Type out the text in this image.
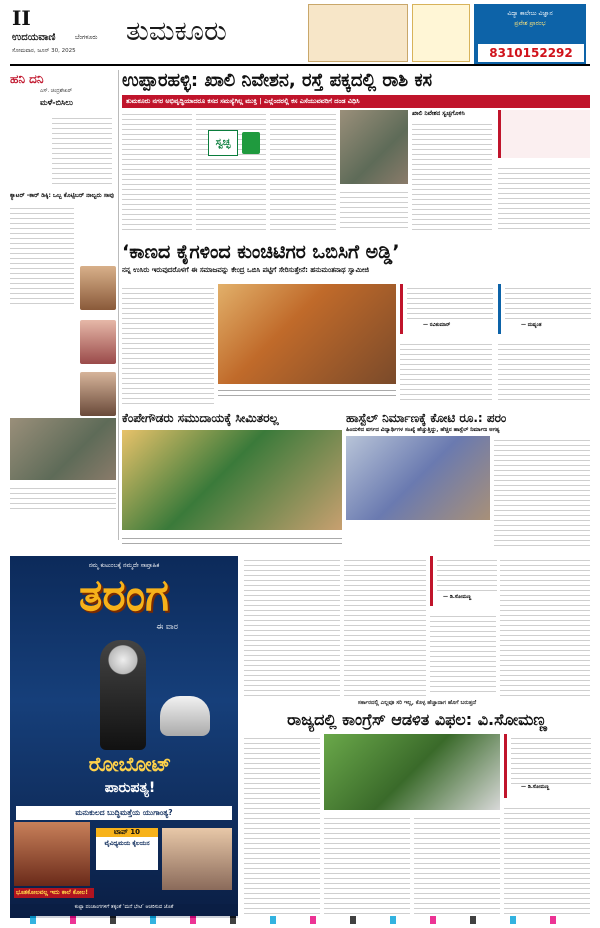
II
ಉದಯವಾಣಿ	ಬೆಂಗಳೂರು
ಸೋಮವಾರ, ಜೂನ್ 30, 2025
ತುಮಕೂರು
ವಿದ್ಯಾ ಕಾಲೇಜು ವಿಜ್ಞಾನ
ಪ್ರವೇಶ ಪ್ರಾರಂಭ
8310152292
ಹನಿ ದನಿ
ಎಸ್. ಚಂದ್ರಶೇಖರ್
ಮಳೆ-ಬಿಸಿಲು
ಕ್ಯಾಟರ್ -ಕಾರ್ ಡಿಕ್ಕಿ: ಒಬ್ಬ ಕೊಟ್ಟಿಬರ್ ನಾಲ್ವರು ಸಾವು
ಉಪ್ಪಾರಹಳ್ಳಿ: ಖಾಲಿ ನಿವೇಶನ, ರಸ್ತೆ ಪಕ್ಕದಲ್ಲಿ ರಾಶಿ ಕಸ
ತುಮಕೂರು ನಗರ ಅಭಿವೃದ್ಧಿಯಾದರೂ ಕಸದ ಸಮಸ್ಯೆಗಿಲ್ಲ ಮುಕ್ತಿ | ಎಲ್ಲೆಂದರಲ್ಲಿ ಕಸ ಎಸೆಯುವವರಿಗೆ ದಂಡ ವಿಧಿಸಿ
ಸ್ವಚ್ಛ
ಖಾಲಿ ನಿವೇಶನ ಸ್ವಚ್ಛಗೊಳಿಸಿ
‘ಕಾಣದ ಕೈಗಳಿಂದ ಕುಂಚಿಟಿಗರ ಒಬಿಸಿಗೆ ಅಡ್ಡಿ’
ನನ್ನ ಉಸಿರು ಇರುವುದರೊಳಗೆ ಈ ಸಮಾಜವನ್ನು ಕೇಂದ್ರ ಒಬಿಸಿ ಪಟ್ಟಿಗೆ ಸೇರಿಸುತ್ತೇನೆ: ಹನುಮಂತನಾಥ ಸ್ವಾಮೀಜಿ
— ರವಿಕುಮಾರ್	— ದುಷ್ಯಂತ
ಕೆಂಪೇಗೌಡರು ಸಮುದಾಯಕ್ಕೆ ಸೀಮಿತರಲ್ಲ	ಹಾಸ್ಟೆಲ್ ನಿರ್ಮಾಣಕ್ಕೆ ಕೋಟಿ ರೂ.: ಪರಂ
ಹಿಂದುಳಿದ ವರ್ಗದ ವಿದ್ಯಾರ್ಥಿಗಳ ಸಂಖ್ಯೆ ಹೆಚ್ಚುತ್ತಿದ್ದು, ಹೆಚ್ಚಿನ ಹಾಸ್ಟೆಲ್ ನಿರ್ಮಾಣ ಅಗತ್ಯ
ನಮ್ಮ ಕುಟುಂಬಕ್ಕೆ ನಮ್ಮದೇ ಸಾಪ್ತಾಹಿಕ
ತರಂಗ
ಈ ವಾರ
ರೋಬೋಟ್
ಪಾರುಪತ್ಯ!
ಮನುಕುಲದ ಬುದ್ಧಿಮತ್ತೆಯ ಯುಗಾಂತ್ಯ?
ಟಾಪ್ 10
ವೈವಿಧ್ಯಮಯ ಕೈಲಯನ
ಭೂತಕೋಲವಲ್ಲ ಇದು ಕಾಲೆ ಕೋಲ!
ಕುಟ್ಟಾ ಪಂಚಾಂಗಗಳಿಗೆ ತಕ್ಕಂತೆ ‘ಮನೆ ಭೇಟಿ’ ಆಚರಿಸುವ ಜೊತೆ
— ಡಿ.ಸೋಮಣ್ಣ
ಸರ್ಕಾರದಲ್ಲಿ ಎಲ್ಲವೂ ಸರಿ ಇಲ್ಲ, ಕೊಳ್ಳ ಹೆಚ್ಚಾದಾಗ ಹೊಗೆ ಬರುತ್ತದೆ
ರಾಜ್ಯದಲ್ಲಿ ಕಾಂಗ್ರೆಸ್ ಆಡಳಿತ ವಿಫಲ: ವಿ.ಸೋಮಣ್ಣ
— ಡಿ.ಸೋಮಣ್ಣ
